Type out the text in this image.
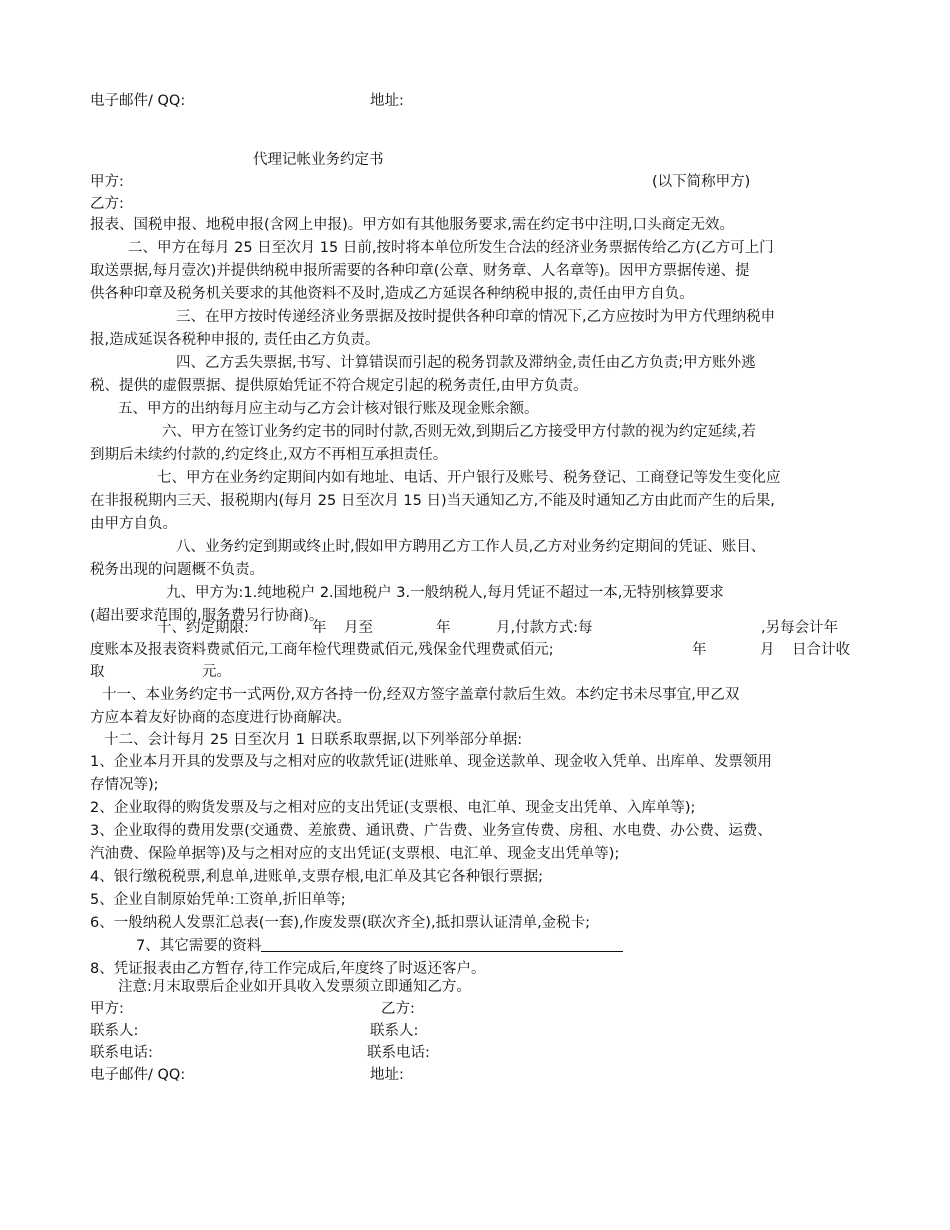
电子邮件/ QQ:	地址:
代理记帐业务约定书
甲方:	(以下简称甲方)
乙方:
报表、国税申报、地税申报(含网上申报)。甲方如有其他服务要求,需在约定书中注明,口头商定无效。
二、甲方在每月 25 日至次月 15 日前,按时将本单位所发生合法的经济业务票据传给乙方(乙方可上门
取送票据,每月壹次)并提供纳税申报所需要的各种印章(公章、财务章、人名章等)。因甲方票据传递、提
供各种印章及税务机关要求的其他资料不及时,造成乙方延误各种纳税申报的,责任由甲方自负。
三、在甲方按时传递经济业务票据及按时提供各种印章的情况下,乙方应按时为甲方代理纳税申
报,造成延误各税种申报的, 责任由乙方负责。
四、乙方丢失票据,书写、计算错误而引起的税务罚款及滞纳金,责任由乙方负责;甲方账外逃
税、提供的虚假票据、提供原始凭证不符合规定引起的税务责任,由甲方负责。
五、甲方的出纳每月应主动与乙方会计核对银行账及现金账余额。
六、甲方在签订业务约定书的同时付款,否则无效,到期后乙方接受甲方付款的视为约定延续,若
到期后未续约付款的,约定终止,双方不再相互承担责任。
七、甲方在业务约定期间内如有地址、电话、开户银行及账号、税务登记、工商登记等发生变化应
在非报税期内三天、报税期内(每月 25 日至次月 15 日)当天通知乙方,不能及时通知乙方由此而产生的后果,
由甲方自负。
八、业务约定到期或终止时,假如甲方聘用乙方工作人员,乙方对业务约定期间的凭证、账目、
税务出现的问题概不负责。
九、甲方为:1.纯地税户 2.国地税户 3.一般纳税人,每月凭证不超过一本,无特别核算要求
(超出要求范围的,服务费另行协商)。
十、约定期限:	年 月至	年	月,付款方式:每	,另每会计年
度账本及报表资料费贰佰元,工商年检代理费贰佰元,残保金代理费贰佰元;	年	月 日合计收
取	元。
十一、本业务约定书一式两份,双方各持一份,经双方签字盖章付款后生效。本约定书未尽事宜,甲乙双
方应本着友好协商的态度进行协商解决。
十二、会计每月 25 日至次月 1 日联系取票据,以下列举部分单据:
1、企业本月开具的发票及与之相对应的收款凭证(进账单、现金送款单、现金收入凭单、出库单、发票领用
存情况等);
2、企业取得的购货发票及与之相对应的支出凭证(支票根、电汇单、现金支出凭单、入库单等);
3、企业取得的费用发票(交通费、差旅费、通讯费、广告费、业务宣传费、房租、水电费、办公费、运费、
汽油费、保险单据等)及与之相对应的支出凭证(支票根、电汇单、现金支出凭单等);
4、银行缴税税票,利息单,进账单,支票存根,电汇单及其它各种银行票据;
5、企业自制原始凭单:工资单,折旧单等;
6、一般纳税人发票汇总表(一套),作废发票(联次齐全),抵扣票认证清单,金税卡;
7、其它需要的资料
8、凭证报表由乙方暂存,待工作完成后,年度终了时返还客户。
注意:月末取票后企业如开具收入发票须立即通知乙方。
甲方:	乙方:
联系人:	联系人:
联系电话:	联系电话:
电子邮件/ QQ:	地址:
